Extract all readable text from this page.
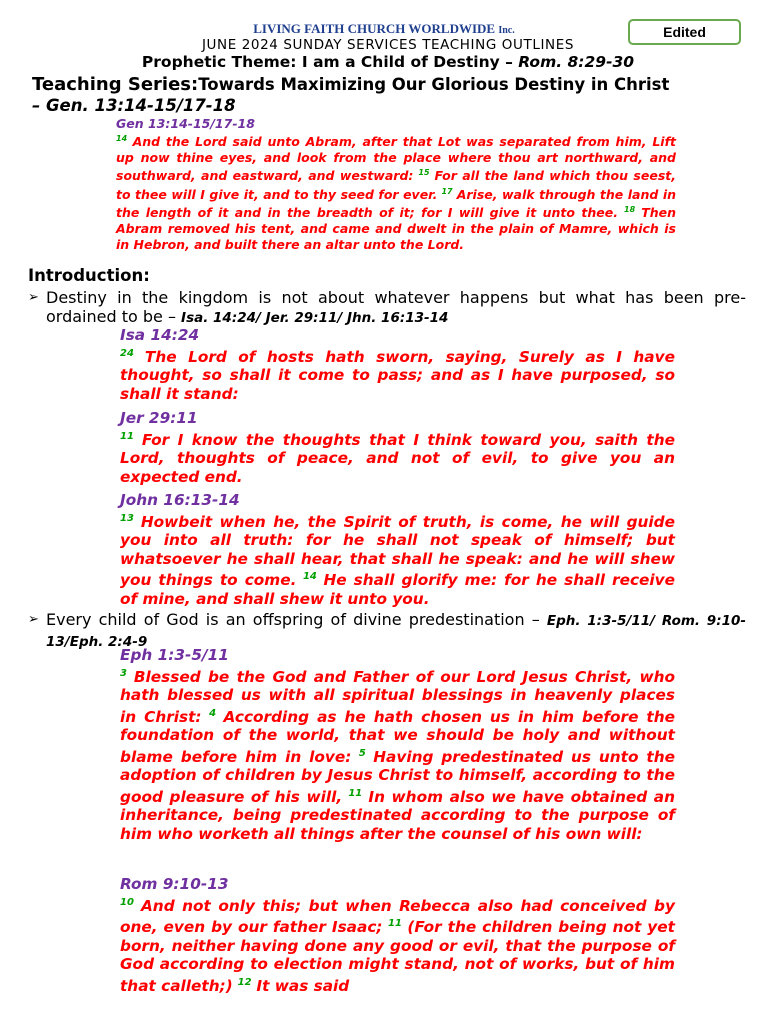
Edited
LIVING FAITH CHURCH WORLDWIDE Inc.
JUNE 2024 SUNDAY SERVICES TEACHING OUTLINES
Prophetic Theme: I am a Child of Destiny – Rom. 8:29-30
Teaching Series:Towards Maximizing Our Glorious Destiny in Christ
– Gen. 13:14-15/17-18
Gen 13:14-15/17-18
$^{14}$ And the Lord said unto Abram, after that Lot was separated from him, Lift up now thine eyes, and look from the place where thou art northward, and southward, and eastward, and westward: $^{15}$ For all the land which thou seest, to thee will I give it, and to thy seed for ever. $^{17}$ Arise, walk through the land in the length of it and in the breadth of it; for I will give it unto thee. $^{18}$ Then Abram removed his tent, and came and dwelt in the plain of Mamre, which is in Hebron, and built there an altar unto the Lord.
Introduction:
➢ Destiny in the kingdom is not about whatever happens but what has been pre-ordained to be – Isa. 14:24/ Jer. 29:11/ Jhn. 16:13-14
Isa 14:24
$^{24}$ The Lord of hosts hath sworn, saying, Surely as I have thought, so shall it come to pass; and as I have purposed, so shall it stand:
Jer 29:11
$^{11}$ For I know the thoughts that I think toward you, saith the Lord, thoughts of peace, and not of evil, to give you an expected end.
John 16:13-14
$^{13}$ Howbeit when he, the Spirit of truth, is come, he will guide you into all truth: for he shall not speak of himself; but whatsoever he shall hear, that shall he speak: and he will shew you things to come. $^{14}$ He shall glorify me: for he shall receive of mine, and shall shew it unto you.
➢ Every child of God is an offspring of divine predestination – Eph. 1:3-5/11/ Rom. 9:10-13/Eph. 2:4-9
Eph 1:3-5/11
$^3$ Blessed be the God and Father of our Lord Jesus Christ, who hath blessed us with all spiritual blessings in heavenly places in Christ: $^4$ According as he hath chosen us in him before the foundation of the world, that we should be holy and without blame before him in love: $^5$ Having predestinated us unto the adoption of children by Jesus Christ to himself, according to the good pleasure of his will, $^{11}$ In whom also we have obtained an inheritance, being predestinated according to the purpose of him who worketh all things after the counsel of his own will:
Rom 9:10-13
$^{10}$ And not only this; but when Rebecca also had conceived by one, even by our father Isaac; $^{11}$ (For the children being not yet born, neither having done any good or evil, that the purpose of God according to election might stand, not of works, but of him that calleth;) $^{12}$ It was said
